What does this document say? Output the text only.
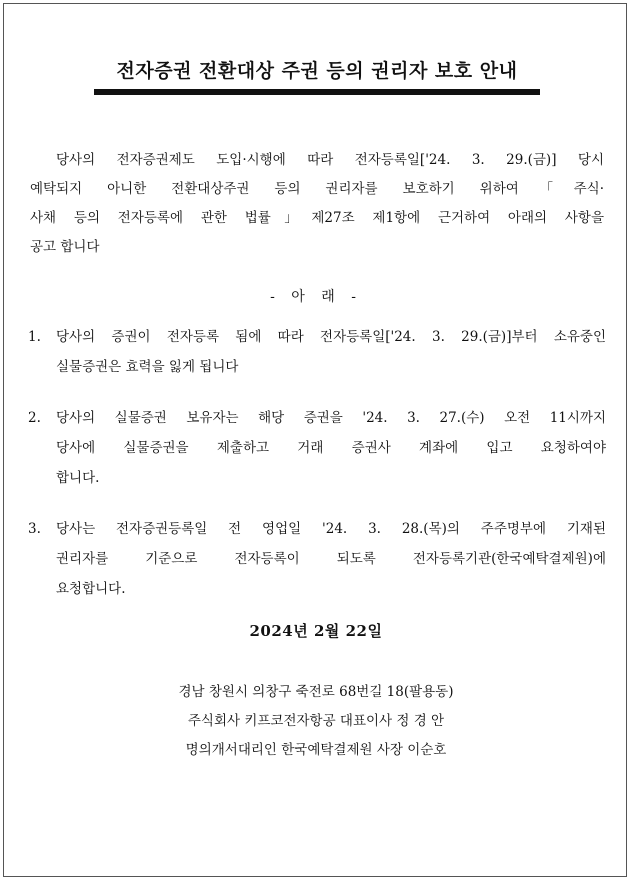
전자증권 전환대상 주권 등의 권리자 보호 안내
당사의 전자증권제도 도입·시행에 따라 전자등록일['24. 3. 29.(금)] 당시
예탁되지 아니한 전환대상주권 등의 권리자를 보호하기 위하여「주식·
사채 등의 전자등록에 관한 법률」제27조 제1항에 근거하여 아래의 사항을
공고 합니다
- 아 래 -
1. 당사의 증권이 전자등록 됨에 따라 전자등록일['24. 3. 29.(금)]부터 소유중인
실물증권은 효력을 잃게 됩니다
2. 당사의 실물증권 보유자는 해당 증권을 '24. 3. 27.(수) 오전 11시까지
당사에 실물증권을 제출하고 거래 증권사 계좌에 입고 요청하여야
합니다.
3. 당사는 전자증권등록일 전 영업일 '24. 3. 28.(목)의 주주명부에 기재된
권리자를 기준으로 전자등록이 되도록 전자등록기관(한국예탁결제원)에
요청합니다.
2024년 2월 22일
경남 창원시 의창구 죽전로 68번길 18(팔용동)
주식회사 키프코전자항공 대표이사 정 경 안
명의개서대리인 한국예탁결제원 사장 이순호
